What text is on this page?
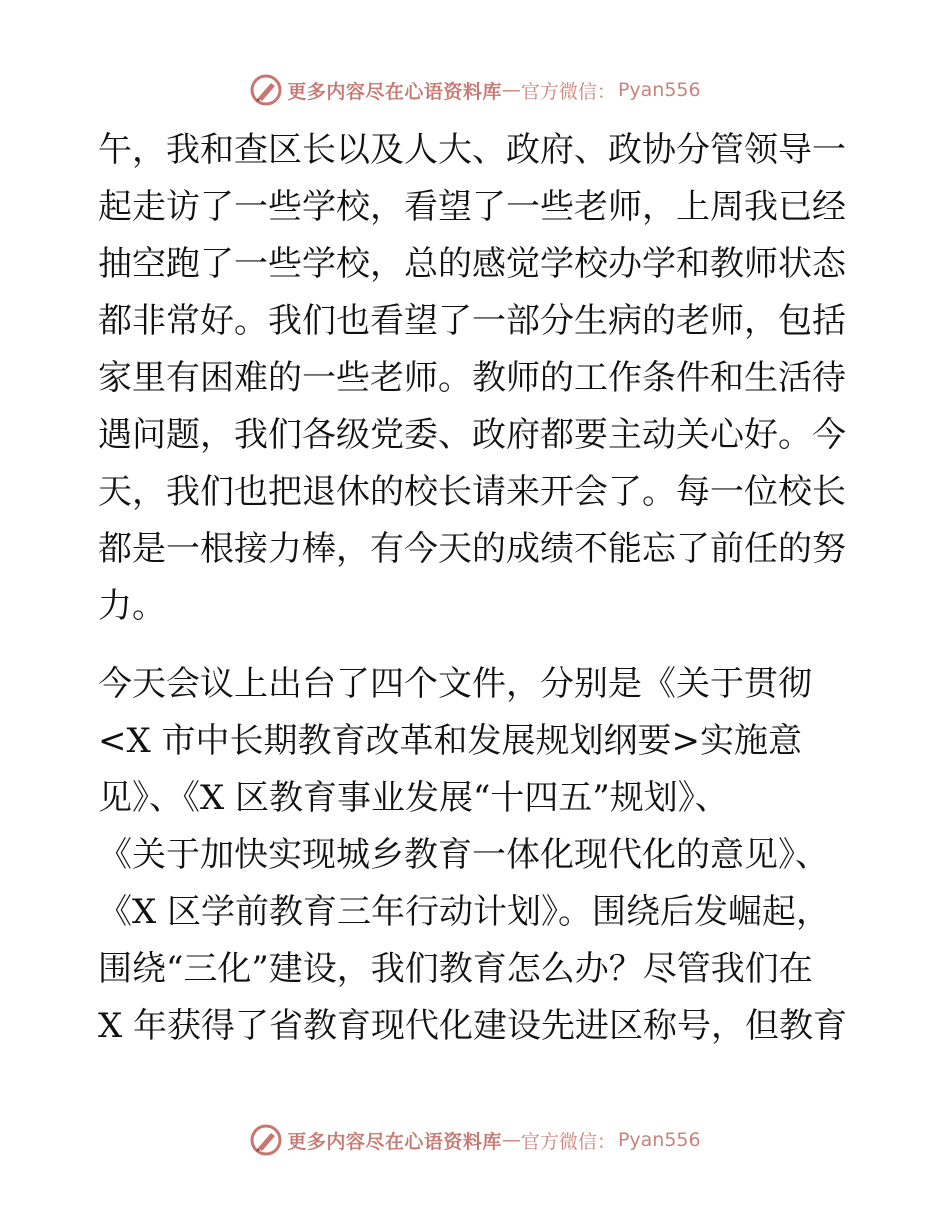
更多内容尽在心语资料库 — 官方微信： Pyan556
午，我和查区长以及人大、政府、政协分管领导一
起走访了一些学校，看望了一些老师，上周我已经
抽空跑了一些学校，总的感觉学校办学和教师状态
都非常好。我们也看望了一部分生病的老师，包括
家里有困难的一些老师。教师的工作条件和生活待
遇问题，我们各级党委、政府都要主动关心好。今
天，我们也把退休的校长请来开会了。每一位校长
都是一根接力棒，有今天的成绩不能忘了前任的努
力。
今天会议上出台了四个文件，分别是《关于贯彻
<X 市中长期教育改革和发展规划纲要>实施意
见》、《X 区教育事业发展“十四五”规划》、
《关于加快实现城乡教育一体化现代化的意见》、
《X 区学前教育三年行动计划》。围绕后发崛起，
围绕“三化”建设，我们教育怎么办？尽管我们在
X 年获得了省教育现代化建设先进区称号，但教育
更多内容尽在心语资料库 — 官方微信： Pyan556
